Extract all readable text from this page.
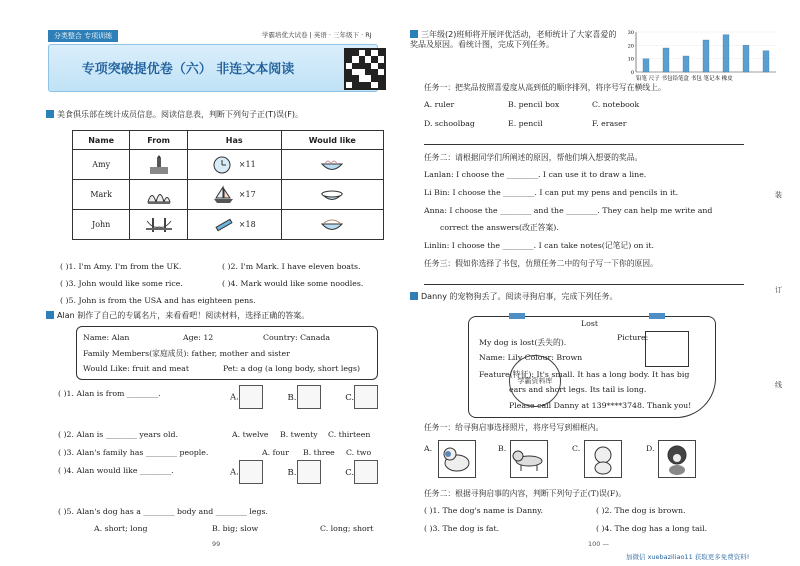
分类整合 专项训练	学霸培优大试卷 | 英语 · 三年级下 · RJ
专项突破提优卷（六） 非连文本阅读
美食俱乐部在统计成员信息。阅读信息表，判断下列句子正(T)误(F)。
Name	From	Has	Would like
Amy		×11	
Mark		×17	
John		×18	
( )1. I'm Amy. I'm from the UK.	( )2. I'm Mark. I have eleven boats.
( )3. John would like some rice.	( )4. Mark would like some noodles.
( )5. John is from the USA and has eighteen pens.
Alan 制作了自己的专属名片，来看看吧！阅读材料，选择正确的答案。
Name: Alan	Age: 12	Country: Canada
Family Members(家庭成员): father, mother and sister
Would Like: fruit and meat	Pet: a dog (a long body, short legs)
( )1. Alan is from ________.	A.	B.	C.
( )2. Alan is ________ years old.	A. twelve B. twenty C. thirteen
( )3. Alan's family has ________ people.	A. four B. three C. two
( )4. Alan would like ________.	A.	B.	C.
( )5. Alan's dog has a ________ body and ________ legs.
A. short; long	B. big; slow	C. long; short
99
三年级(2)班师将开展评优活动，老师统计了大家喜爱的奖品及原因。看统计图，完成下列任务。
任务一：把奖品按照喜爱度从高到低的顺序排列，将序号写在横线上。
A. ruler	B. pencil box	C. notebook
D. schoolbag	E. pencil	F. eraser
任务二：请根据同学们所阐述的原因，帮他们填入想要的奖品。
Lanlan: I choose the ________. I can use it to draw a line.
Li Bin: I choose the ________. I can put my pens and pencils in it.
Anna: I choose the ________ and the ________. They can help me write and
correct the answers(改正答案).
Linlin: I choose the ________. I can take notes(记笔记) on it.
任务三：假如你选择了书包，仿照任务二中的句子写一下你的原因。
Danny 的宠物狗丢了。阅读寻狗启事，完成下列任务。
Lost
Picture:
My dog is lost(丢失的).
Name: Lily Colour: Brown
Feature(特征): It's small. It has a long body. It has big
ears and short legs. Its tail is long.
Please call Danny at 139****3748. Thank you!
学霸资料库
任务一：给寻狗启事选择照片，将序号写到相框内。
A.	B.	C.	D.
任务二：根据寻狗启事的内容，判断下列句子正(T)误(F)。
( )1. The dog's name is Danny.	( )2. The dog is brown.
( )3. The dog is fat.	( )4. The dog has a long tail.
100 —
加微信 xuebaziliao11 获取更多免费资料!
30
20
10
0
铅笔 尺子 书包铅笔盒 书包 笔记本 橡皮
装
订
线
